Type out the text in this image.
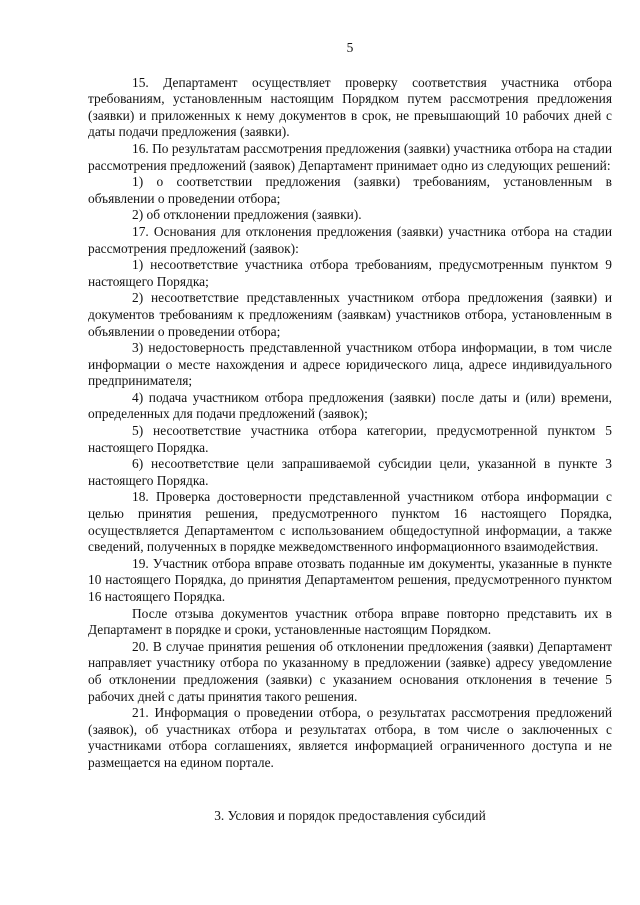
5

15. Департамент осуществляет проверку соответствия участника отбора требованиям, установленным настоящим Порядком путем рассмотрения предложения (заявки) и приложенных к нему документов в срок, не превышающий 10 рабочих дней с даты подачи предложения (заявки).

16. По результатам рассмотрения предложения (заявки) участника отбора на стадии рассмотрения предложений (заявок) Департамент принимает одно из следующих решений:

1) о соответствии предложения (заявки) требованиям, установленным в объявлении о проведении отбора;

2) об отклонении предложения (заявки).

17. Основания для отклонения предложения (заявки) участника отбора на стадии рассмотрения предложений (заявок):

1) несоответствие участника отбора требованиям, предусмотренным пунктом 9 настоящего Порядка;

2) несоответствие представленных участником отбора предложения (заявки) и документов требованиям к предложениям (заявкам) участников отбора, установленным в объявлении о проведении отбора;

3) недостоверность представленной участником отбора информации, в том числе информации о месте нахождения и адресе юридического лица, адресе индивидуального предпринимателя;

4) подача участником отбора предложения (заявки) после даты и (или) времени, определенных для подачи предложений (заявок);

5) несоответствие участника отбора категории, предусмотренной пунктом 5 настоящего Порядка.

6) несоответствие цели запрашиваемой субсидии цели, указанной в пункте 3 настоящего Порядка.

18. Проверка достоверности представленной участником отбора информации с целью принятия решения, предусмотренного пунктом 16 настоящего Порядка, осуществляется Департаментом с использованием общедоступной информации, а также сведений, полученных в порядке межведомственного информационного взаимодействия.

19. Участник отбора вправе отозвать поданные им документы, указанные в пункте 10 настоящего Порядка, до принятия Департаментом решения, предусмотренного пунктом 16 настоящего Порядка.

После отзыва документов участник отбора вправе повторно представить их в Департамент в порядке и сроки, установленные настоящим Порядком.

20. В случае принятия решения об отклонении предложения (заявки) Департамент направляет участнику отбора по указанному в предложении (заявке) адресу уведомление об отклонении предложения (заявки) с указанием основания отклонения в течение 5 рабочих дней с даты принятия такого решения.

21. Информация о проведении отбора, о результатах рассмотрения предложений (заявок), об участниках отбора и результатах отбора, в том числе о заключенных с участниками отбора соглашениях, является информацией ограниченного доступа и не размещается на едином портале.

3. Условия и порядок предоставления субсидий
